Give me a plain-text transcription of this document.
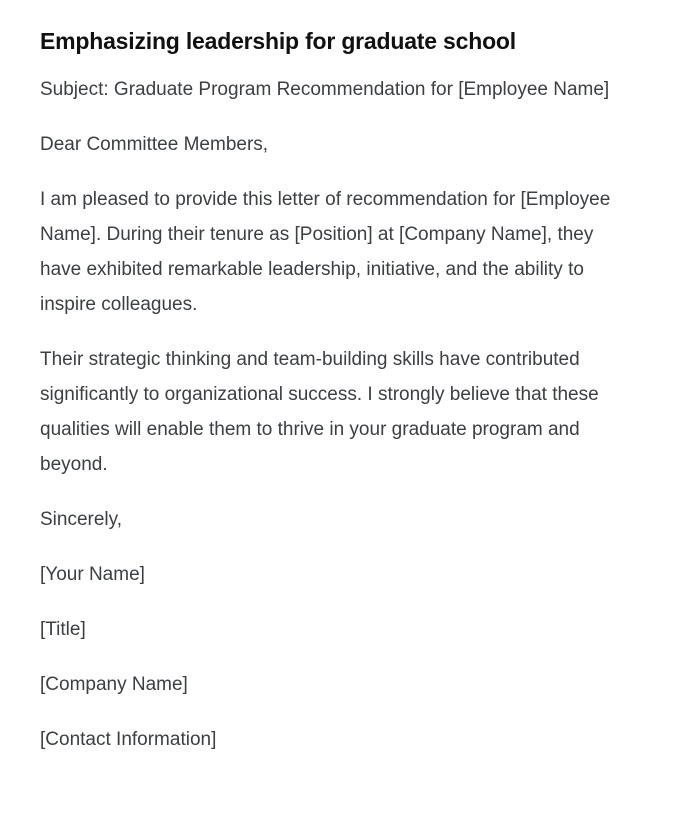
Emphasizing leadership for graduate school

Subject: Graduate Program Recommendation for [Employee Name]

Dear Committee Members,

I am pleased to provide this letter of recommendation for [Employee Name]. During their tenure as [Position] at [Company Name], they have exhibited remarkable leadership, initiative, and the ability to inspire colleagues.

Their strategic thinking and team-building skills have contributed significantly to organizational success. I strongly believe that these qualities will enable them to thrive in your graduate program and beyond.

Sincerely,

[Your Name]

[Title]

[Company Name]

[Contact Information]
